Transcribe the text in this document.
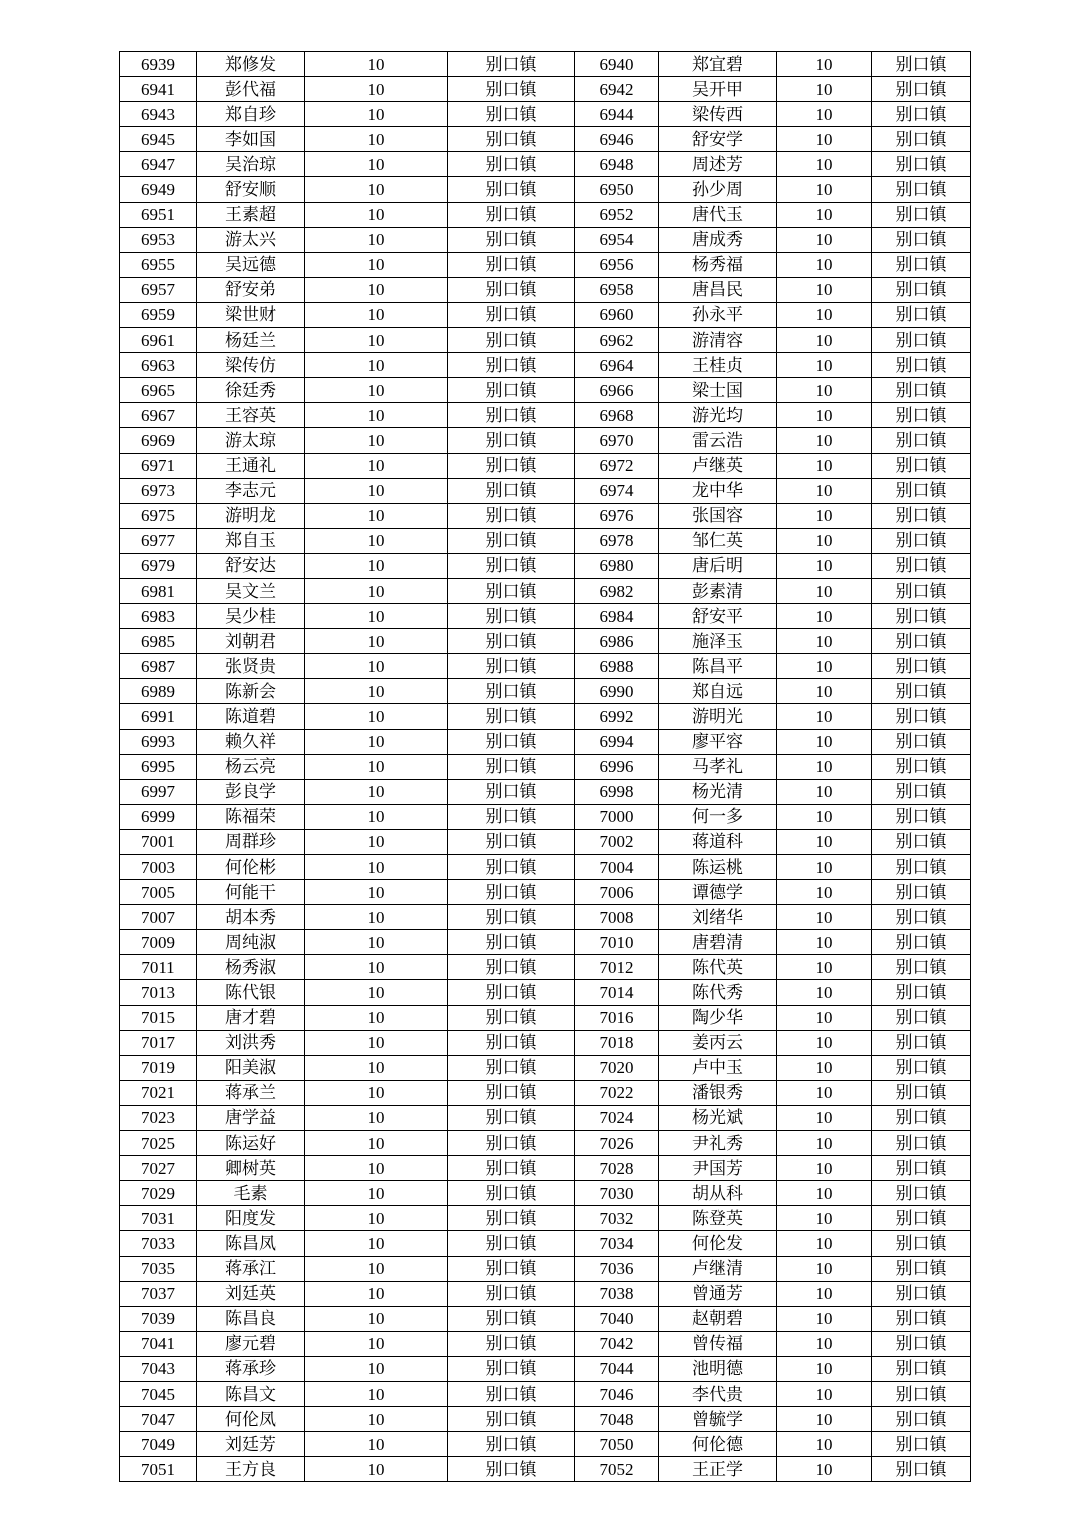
6939	郑修发	10	别口镇	6940	郑宜碧	10	别口镇
6941	彭代福	10	别口镇	6942	吴开甲	10	别口镇
6943	郑自珍	10	别口镇	6944	梁传西	10	别口镇
6945	李如国	10	别口镇	6946	舒安学	10	别口镇
6947	吴治琼	10	别口镇	6948	周述芳	10	别口镇
6949	舒安顺	10	别口镇	6950	孙少周	10	别口镇
6951	王素超	10	别口镇	6952	唐代玉	10	别口镇
6953	游太兴	10	别口镇	6954	唐成秀	10	别口镇
6955	吴远德	10	别口镇	6956	杨秀福	10	别口镇
6957	舒安弟	10	别口镇	6958	唐昌民	10	别口镇
6959	梁世财	10	别口镇	6960	孙永平	10	别口镇
6961	杨廷兰	10	别口镇	6962	游清容	10	别口镇
6963	梁传仿	10	别口镇	6964	王桂贞	10	别口镇
6965	徐廷秀	10	别口镇	6966	梁士国	10	别口镇
6967	王容英	10	别口镇	6968	游光均	10	别口镇
6969	游太琼	10	别口镇	6970	雷云浩	10	别口镇
6971	王通礼	10	别口镇	6972	卢继英	10	别口镇
6973	李志元	10	别口镇	6974	龙中华	10	别口镇
6975	游明龙	10	别口镇	6976	张国容	10	别口镇
6977	郑自玉	10	别口镇	6978	邹仁英	10	别口镇
6979	舒安达	10	别口镇	6980	唐后明	10	别口镇
6981	吴文兰	10	别口镇	6982	彭素清	10	别口镇
6983	吴少桂	10	别口镇	6984	舒安平	10	别口镇
6985	刘朝君	10	别口镇	6986	施泽玉	10	别口镇
6987	张贤贵	10	别口镇	6988	陈昌平	10	别口镇
6989	陈新会	10	别口镇	6990	郑自远	10	别口镇
6991	陈道碧	10	别口镇	6992	游明光	10	别口镇
6993	赖久祥	10	别口镇	6994	廖平容	10	别口镇
6995	杨云亮	10	别口镇	6996	马孝礼	10	别口镇
6997	彭良学	10	别口镇	6998	杨光清	10	别口镇
6999	陈福荣	10	别口镇	7000	何一多	10	别口镇
7001	周群珍	10	别口镇	7002	蒋道科	10	别口镇
7003	何伦彬	10	别口镇	7004	陈运桃	10	别口镇
7005	何能干	10	别口镇	7006	谭德学	10	别口镇
7007	胡本秀	10	别口镇	7008	刘绪华	10	别口镇
7009	周纯淑	10	别口镇	7010	唐碧清	10	别口镇
7011	杨秀淑	10	别口镇	7012	陈代英	10	别口镇
7013	陈代银	10	别口镇	7014	陈代秀	10	别口镇
7015	唐才碧	10	别口镇	7016	陶少华	10	别口镇
7017	刘洪秀	10	别口镇	7018	姜丙云	10	别口镇
7019	阳美淑	10	别口镇	7020	卢中玉	10	别口镇
7021	蒋承兰	10	别口镇	7022	潘银秀	10	别口镇
7023	唐学益	10	别口镇	7024	杨光斌	10	别口镇
7025	陈运好	10	别口镇	7026	尹礼秀	10	别口镇
7027	卿树英	10	别口镇	7028	尹国芳	10	别口镇
7029	毛素	10	别口镇	7030	胡从科	10	别口镇
7031	阳度发	10	别口镇	7032	陈登英	10	别口镇
7033	陈昌凤	10	别口镇	7034	何伦发	10	别口镇
7035	蒋承江	10	别口镇	7036	卢继清	10	别口镇
7037	刘廷英	10	别口镇	7038	曾通芳	10	别口镇
7039	陈昌良	10	别口镇	7040	赵朝碧	10	别口镇
7041	廖元碧	10	别口镇	7042	曾传福	10	别口镇
7043	蒋承珍	10	别口镇	7044	池明德	10	别口镇
7045	陈昌文	10	别口镇	7046	李代贵	10	别口镇
7047	何伦凤	10	别口镇	7048	曾毓学	10	别口镇
7049	刘廷芳	10	别口镇	7050	何伦德	10	别口镇
7051	王方良	10	别口镇	7052	王正学	10	别口镇
